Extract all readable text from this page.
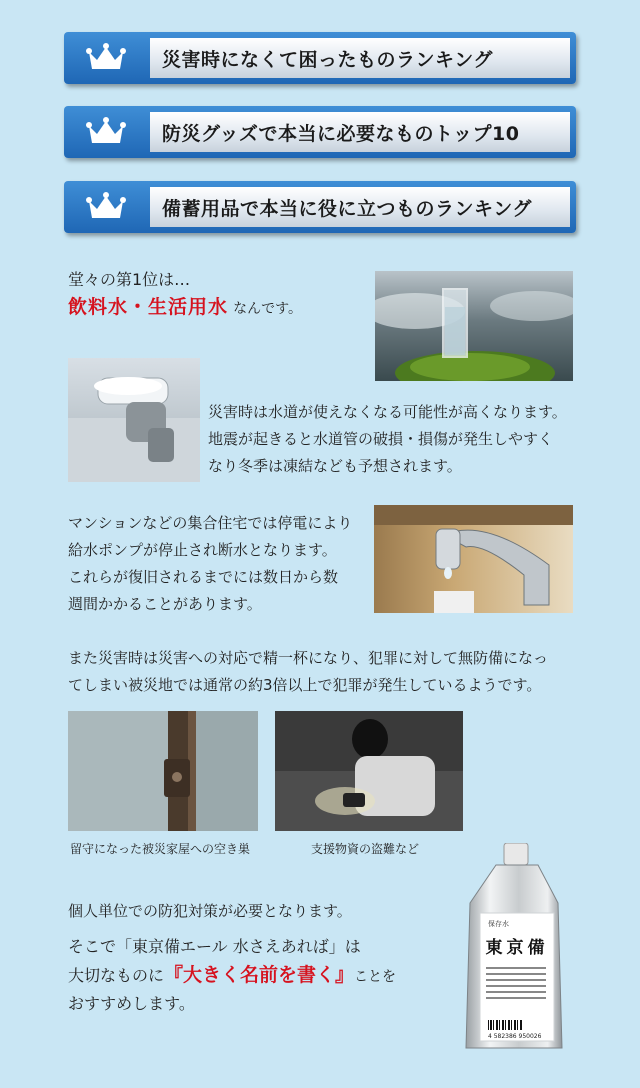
災害時になくて困ったものランキング
防災グッズで本当に必要なものトップ10
備蓄用品で本当に役に立つものランキング
堂々の第1位は…
飲料水・生活用水 なんです。
災害時は水道が使えなくなる可能性が高くなります。
地震が起きると水道管の破損・損傷が発生しやすく
なり冬季は凍結なども予想されます。
マンションなどの集合住宅では停電により
給水ポンプが停止され断水となります。
これらが復旧されるまでには数日から数
週間かかることがあります。
また災害時は災害への対応で精一杯になり、犯罪に対して無防備になっ
てしまい被災地では通常の約3倍以上で犯罪が発生しているようです。
留守になった被災家屋への空き巣	支援物資の盗難など
個人単位での防犯対策が必要となります。
そこで「東京備エール 水さえあれば」は
大切なものに『大きく名前を書く』ことを
おすすめします。
保存水
東京備
4 582386 950026
